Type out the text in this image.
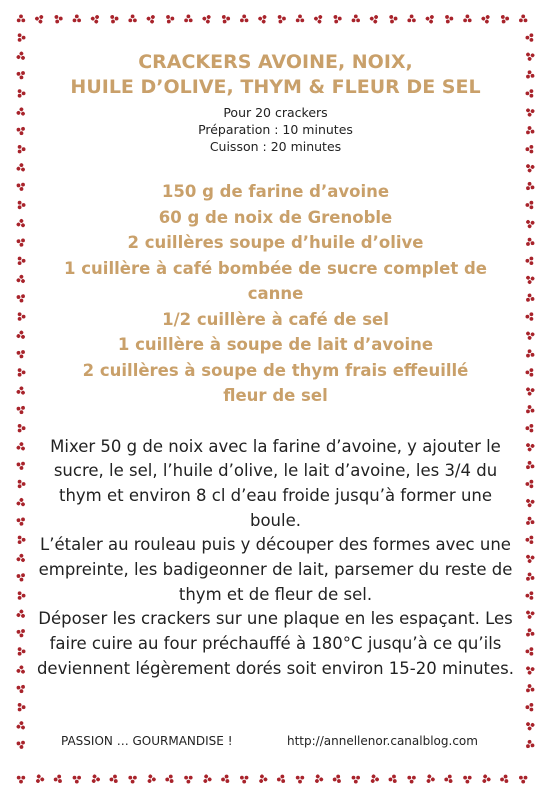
CRACKERS AVOINE, NOIX,
HUILE D’OLIVE, THYM & FLEUR DE SEL
Pour 20 crackers
Préparation : 10 minutes
Cuisson : 20 minutes
150 g de farine d’avoine
60 g de noix de Grenoble
2 cuillères soupe d’huile d’olive
1 cuillère à café bombée de sucre complet de canne
1/2 cuillère à café de sel
1 cuillère à soupe de lait d’avoine
2 cuillères à soupe de thym frais effeuillé
fleur de sel

Mixer 50 g de noix avec la farine d’avoine, y ajouter le sucre, le sel, l’huile d’olive, le lait d’avoine, les 3/4 du thym et environ 8 cl d’eau froide jusqu’à former une boule.

L’étaler au rouleau puis y découper des formes avec une empreinte, les badigeonner de lait, parsemer du reste de thym et de fleur de sel.

Déposer les crackers sur une plaque en les espaçant. Les faire cuire au four préchauffé à 180°C jusqu’à ce qu’ils deviennent légèrement dorés soit environ 15-20 minutes.

PASSION … GOURMANDISE !	http://annellenor.canalblog.com
